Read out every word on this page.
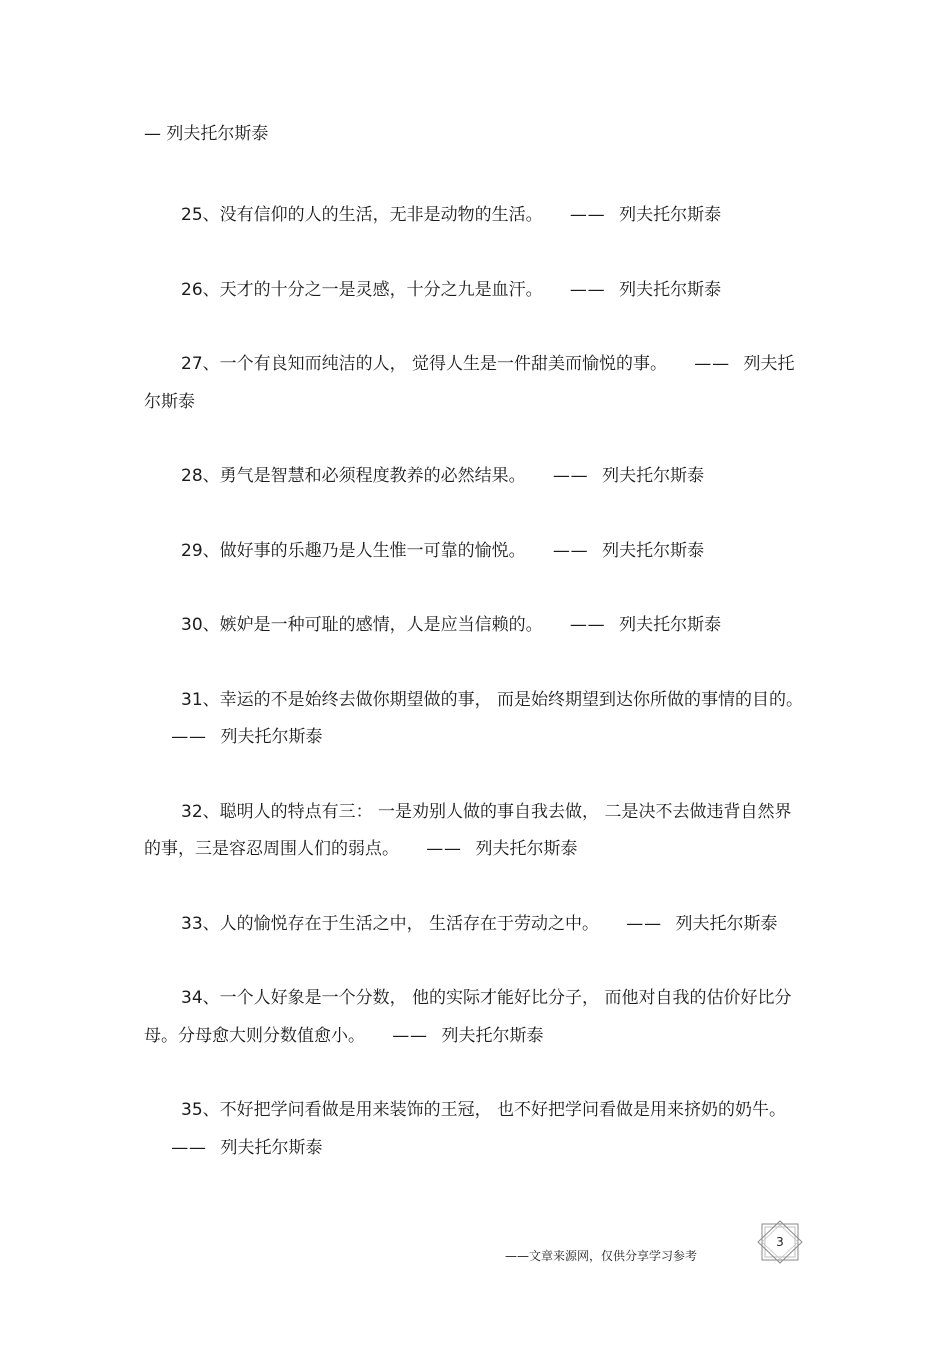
— 列夫托尔斯泰
25、没有信仰的人的生活，无非是动物的生活。 —— 列夫托尔斯泰
26、天才的十分之一是灵感，十分之九是血汗。 —— 列夫托尔斯泰
27、一个有良知而纯洁的人， 觉得人生是一件甜美而愉悦的事。 —— 列夫托尔斯泰
28、勇气是智慧和必须程度教养的必然结果。 —— 列夫托尔斯泰
29、做好事的乐趣乃是人生惟一可靠的愉悦。 —— 列夫托尔斯泰
30、嫉妒是一种可耻的感情，人是应当信赖的。 —— 列夫托尔斯泰
31、幸运的不是始终去做你期望做的事， 而是始终期望到达你所做的事情的目的。—— 列夫托尔斯泰
32、聪明人的特点有三： 一是劝别人做的事自我去做， 二是决不去做违背自然界的事，三是容忍周围人们的弱点。 —— 列夫托尔斯泰
33、人的愉悦存在于生活之中， 生活存在于劳动之中。 —— 列夫托尔斯泰
34、一个人好象是一个分数， 他的实际才能好比分子， 而他对自我的估价好比分母。分母愈大则分数值愈小。 —— 列夫托尔斯泰
35、不好把学问看做是用来装饰的王冠， 也不好把学问看做是用来挤奶的奶牛。—— 列夫托尔斯泰
——文章来源网，仅供分享学习参考
3
